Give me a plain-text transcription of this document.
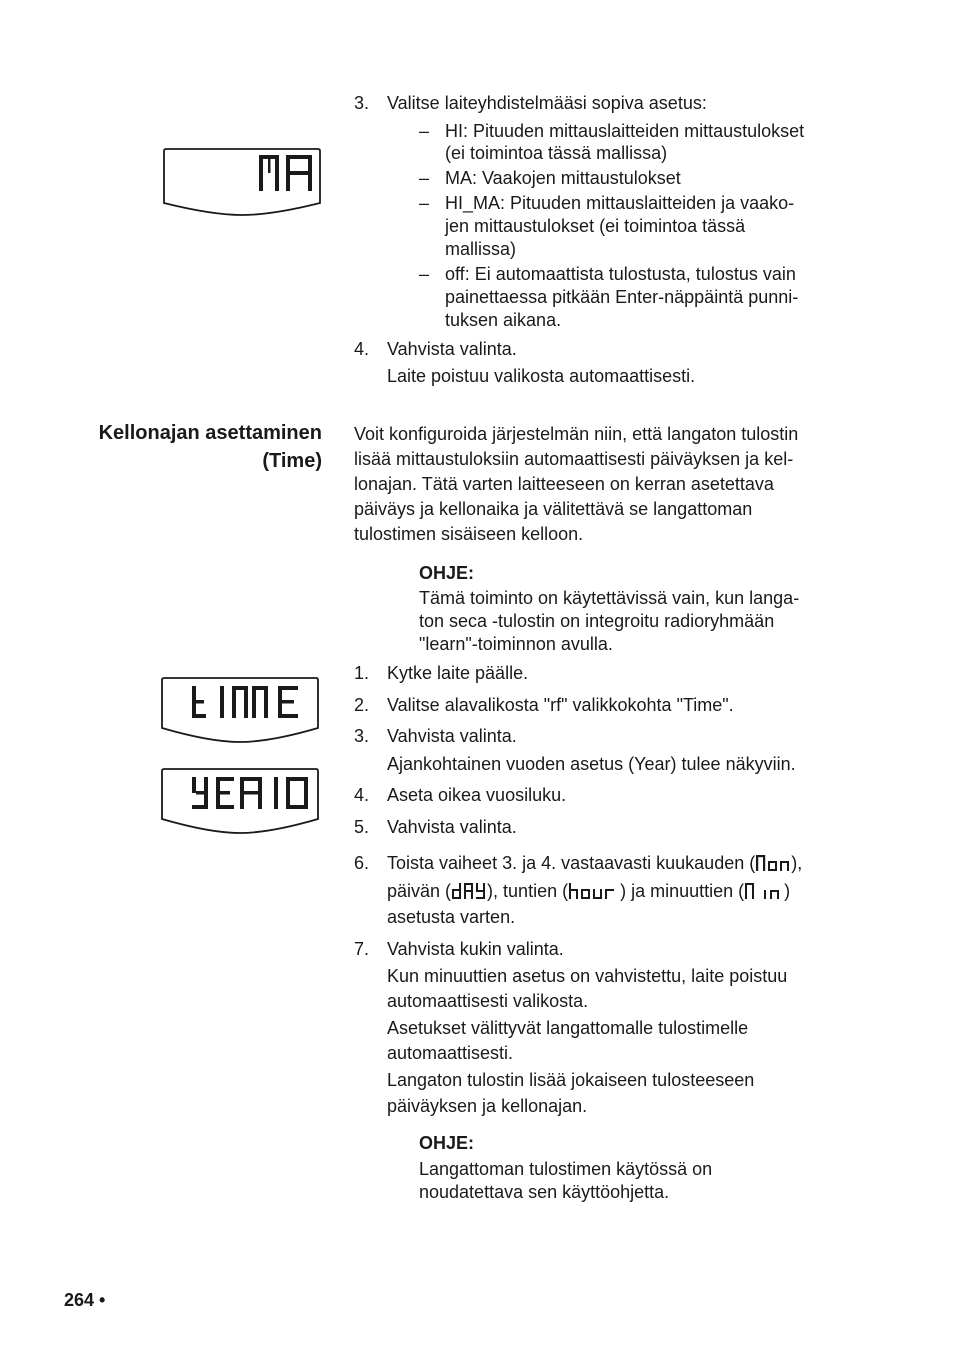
3. Valitse laiteyhdistelmääsi sopiva asetus:
– HI: Pituuden mittauslaitteiden mittaustulokset
(ei toimintoa tässä mallissa)
– MA: Vaakojen mittaustulokset
– HI_MA: Pituuden mittauslaitteiden ja vaako-
jen mittaustulokset (ei toimintoa tässä
mallissa)
– off: Ei automaattista tulostusta, tulostus vain
painettaessa pitkään Enter-näppäintä punni-
tuksen aikana.
4. Vahvista valinta.
Laite poistuu valikosta automaattisesti.
Kellonajan asettaminen
(Time)
Voit konfiguroida järjestelmän niin, että langaton tulostin
lisää mittaustuloksiin automaattisesti päiväyksen ja kel-
lonajan. Tätä varten laitteeseen on kerran asetettava
päiväys ja kellonaika ja välitettävä se langattoman
tulostimen sisäiseen kelloon.
OHJE:
Tämä toiminto on käytettävissä vain, kun langa-
ton seca -tulostin on integroitu radioryhmään
"learn"-toiminnon avulla.
1. Kytke laite päälle.
2. Valitse alavalikosta "rf" valikkokohta "Time".
3. Vahvista valinta.
Ajankohtainen vuoden asetus (Year) tulee näkyviin.
4. Aseta oikea vuosiluku.
5. Vahvista valinta.
6. Toista vaiheet 3. ja 4. vastaavasti kuukauden ( ),
päivän ( ), tuntien (	) ja minuuttien ( )
asetusta varten.
7. Vahvista kukin valinta.
Kun minuuttien asetus on vahvistettu, laite poistuu
automaattisesti valikosta.
Asetukset välittyvät langattomalle tulostimelle
automaattisesti.
Langaton tulostin lisää jokaiseen tulosteeseen
päiväyksen ja kellonajan.
OHJE:
Langattoman tulostimen käytössä on
noudatettava sen käyttöohjetta.
264 •
